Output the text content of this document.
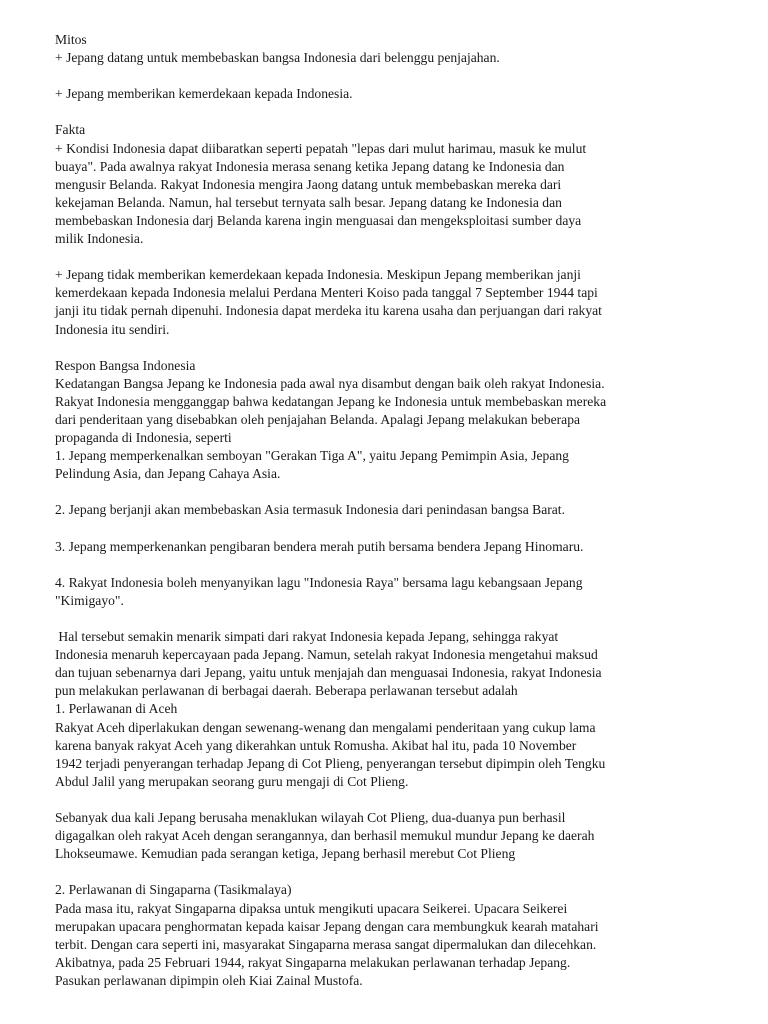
Mitos
+ Jepang datang untuk membebaskan bangsa Indonesia dari belenggu penjajahan.
+ Jepang memberikan kemerdekaan kepada Indonesia.
Fakta
+ Kondisi Indonesia dapat diibaratkan seperti pepatah "lepas dari mulut harimau, masuk ke mulut
buaya". Pada awalnya rakyat Indonesia merasa senang ketika Jepang datang ke Indonesia dan
mengusir Belanda. Rakyat Indonesia mengira Jaong datang untuk membebaskan mereka dari
kekejaman Belanda. Namun, hal tersebut ternyata salh besar. Jepang datang ke Indonesia dan
membebaskan Indonesia darj Belanda karena ingin menguasai dan mengeksploitasi sumber daya
milik Indonesia.
+ Jepang tidak memberikan kemerdekaan kepada Indonesia. Meskipun Jepang memberikan janji
kemerdekaan kepada Indonesia melalui Perdana Menteri Koiso pada tanggal 7 September 1944 tapi
janji itu tidak pernah dipenuhi. Indonesia dapat merdeka itu karena usaha dan perjuangan dari rakyat
Indonesia itu sendiri.
Respon Bangsa Indonesia
Kedatangan Bangsa Jepang ke Indonesia pada awal nya disambut dengan baik oleh rakyat Indonesia.
Rakyat Indonesia mengganggap bahwa kedatangan Jepang ke Indonesia untuk membebaskan mereka
dari penderitaan yang disebabkan oleh penjajahan Belanda. Apalagi Jepang melakukan beberapa
propaganda di Indonesia, seperti
1. Jepang memperkenalkan semboyan "Gerakan Tiga A", yaitu Jepang Pemimpin Asia, Jepang
Pelindung Asia, dan Jepang Cahaya Asia.
2. Jepang berjanji akan membebaskan Asia termasuk Indonesia dari penindasan bangsa Barat.
3. Jepang memperkenankan pengibaran bendera merah putih bersama bendera Jepang Hinomaru.
4. Rakyat Indonesia boleh menyanyikan lagu "Indonesia Raya" bersama lagu kebangsaan Jepang
"Kimigayo".
Hal tersebut semakin menarik simpati dari rakyat Indonesia kepada Jepang, sehingga rakyat
Indonesia menaruh kepercayaan pada Jepang. Namun, setelah rakyat Indonesia mengetahui maksud
dan tujuan sebenarnya dari Jepang, yaitu untuk menjajah dan menguasai Indonesia, rakyat Indonesia
pun melakukan perlawanan di berbagai daerah. Beberapa perlawanan tersebut adalah
1. Perlawanan di Aceh
Rakyat Aceh diperlakukan dengan sewenang-wenang dan mengalami penderitaan yang cukup lama
karena banyak rakyat Aceh yang dikerahkan untuk Romusha. Akibat hal itu, pada 10 November
1942 terjadi penyerangan terhadap Jepang di Cot Plieng, penyerangan tersebut dipimpin oleh Tengku
Abdul Jalil yang merupakan seorang guru mengaji di Cot Plieng.
Sebanyak dua kali Jepang berusaha menaklukan wilayah Cot Plieng, dua-duanya pun berhasil
digagalkan oleh rakyat Aceh dengan serangannya, dan berhasil memukul mundur Jepang ke daerah
Lhokseumawe. Kemudian pada serangan ketiga, Jepang berhasil merebut Cot Plieng
2. Perlawanan di Singaparna (Tasikmalaya)
Pada masa itu, rakyat Singaparna dipaksa untuk mengikuti upacara Seikerei. Upacara Seikerei
merupakan upacara penghormatan kepada kaisar Jepang dengan cara membungkuk kearah matahari
terbit. Dengan cara seperti ini, masyarakat Singaparna merasa sangat dipermalukan dan dilecehkan.
Akibatnya, pada 25 Februari 1944, rakyat Singaparna melakukan perlawanan terhadap Jepang.
Pasukan perlawanan dipimpin oleh Kiai Zainal Mustofa.
